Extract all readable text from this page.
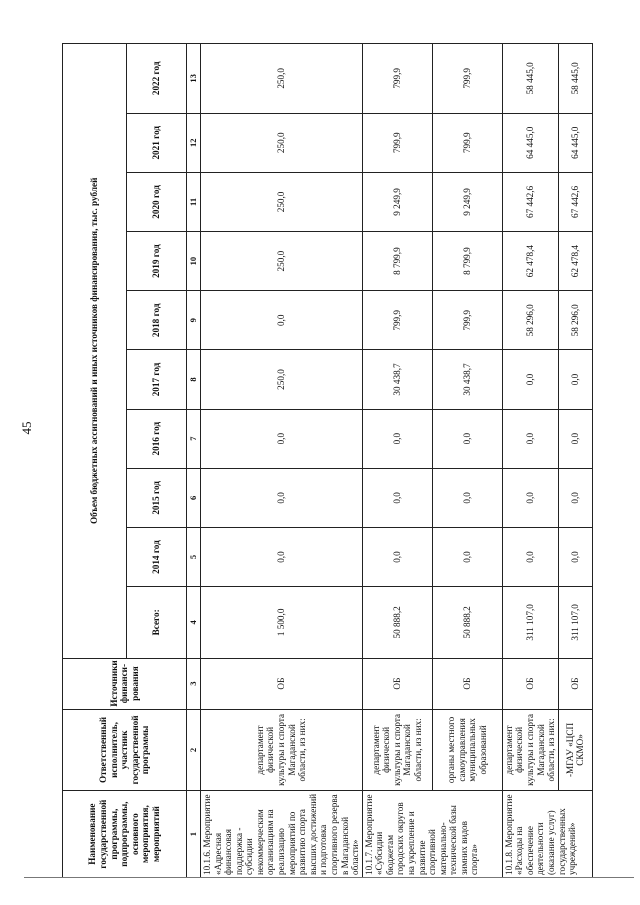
45
Наименование государственной программы, подпрограммы, основного мероприятия, мероприятий	Ответственный исполнитель, участник государственной программы	Источники финанси-рования	Объем бюджетных ассигнований и иных источников финансирования, тыс. рублей									
			Всего:	2014 год	2015 год	2016 год	2017 год	2018 год	2019 год	2020 год	2021 год	2022 год
1	2	3	4	5	6	7	8	9	10	11	12	13
10.1.6. Мероприятие «Адресная финансовая поддержка - субсидии некоммерческим организациям на реализацию мероприятий по развитию спорта высших достижений и подготовка спортивного резерва в Магаданской области»	департамент физической культуры и спорта Магаданской области, из них:	ОБ	1 500,0	0,0	0,0	0,0	250,0	0,0	250,0	250,0	250,0	250,0
10.1.7. Мероприятие «Субсидии бюджетам городских округов на укрепление и развитие спортивной материально-технической базы зимних видов спорта»	департамент физической культуры и спорта Магаданской области, из них:	ОБ	50 888,2	0,0	0,0	0,0	30 438,7	799,9	8 799,9	9 249,9	799,9	799,9
	органы местного самоуправления муниципальных образований	ОБ	50 888,2	0,0	0,0	0,0	30 438,7	799,9	8 799,9	9 249,9	799,9	799,9
10.1.8. Мероприятие «Расходы на обеспечение деятельности (оказание услуг) государственных учреждений»	департамент физической культуры и спорта Магаданской области, из них:	ОБ	311 107,0	0,0	0,0	0,0	0,0	58 296,0	62 478,4	67 442,6	64 445,0	58 445,0
	-МГАУ «ЦСП СКМО»	ОБ	311 107,0	0,0	0,0	0,0	0,0	58 296,0	62 478,4	67 442,6	64 445,0	58 445,0
